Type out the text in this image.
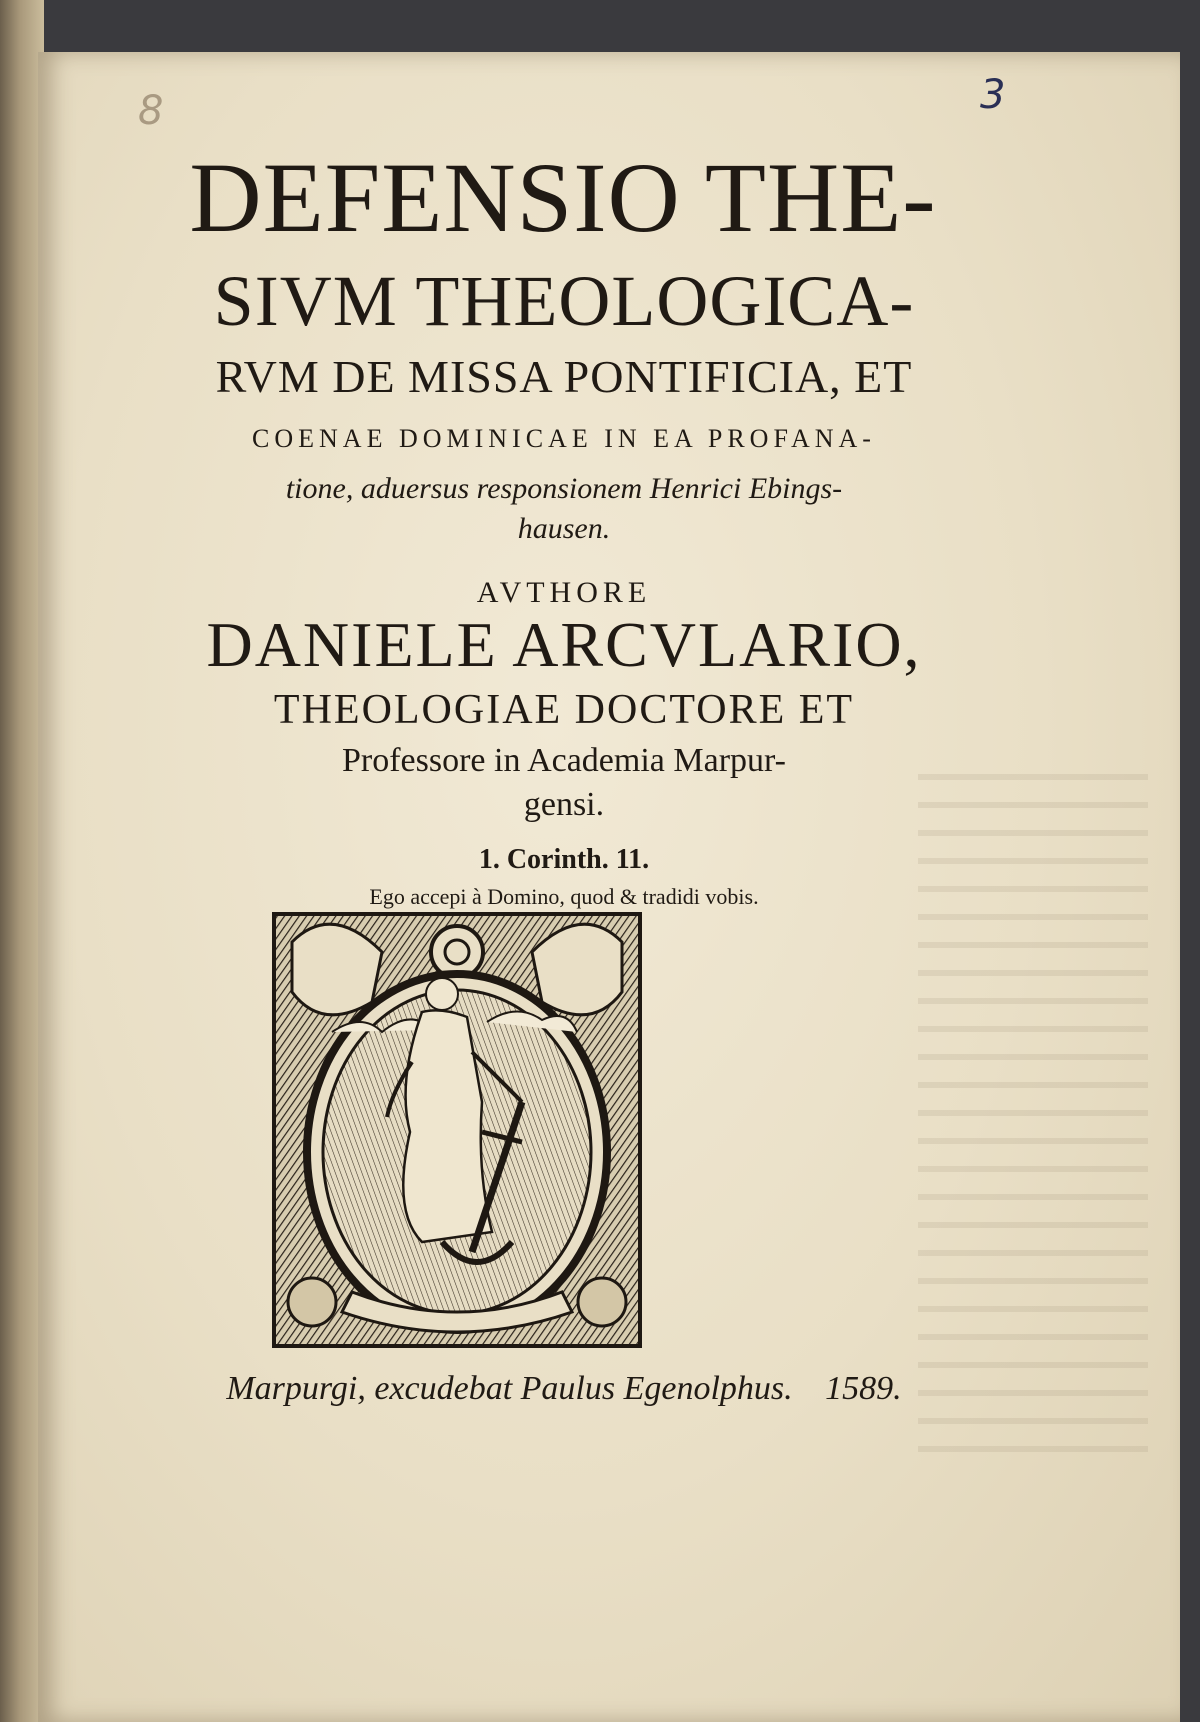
8	3
DEFENSIO THE-
SIVM THEOLOGICA-
RVM DE MISSA PONTIFICIA, ET
COENAE DOMINICAE IN EA PROFANA-
tione, aduersus responsionem Henrici Ebings-
hausen.
AVTHORE
DANIELE ARCVLARIO,
THEOLOGIAE DOCTORE ET
Professore in Academia Marpur-
gensi.
1. Corinth. 11.
Ego accepi à Domino, quod & tradidi vobis.
Marpurgi, excudebat Paulus Egenolphus. 1589.
